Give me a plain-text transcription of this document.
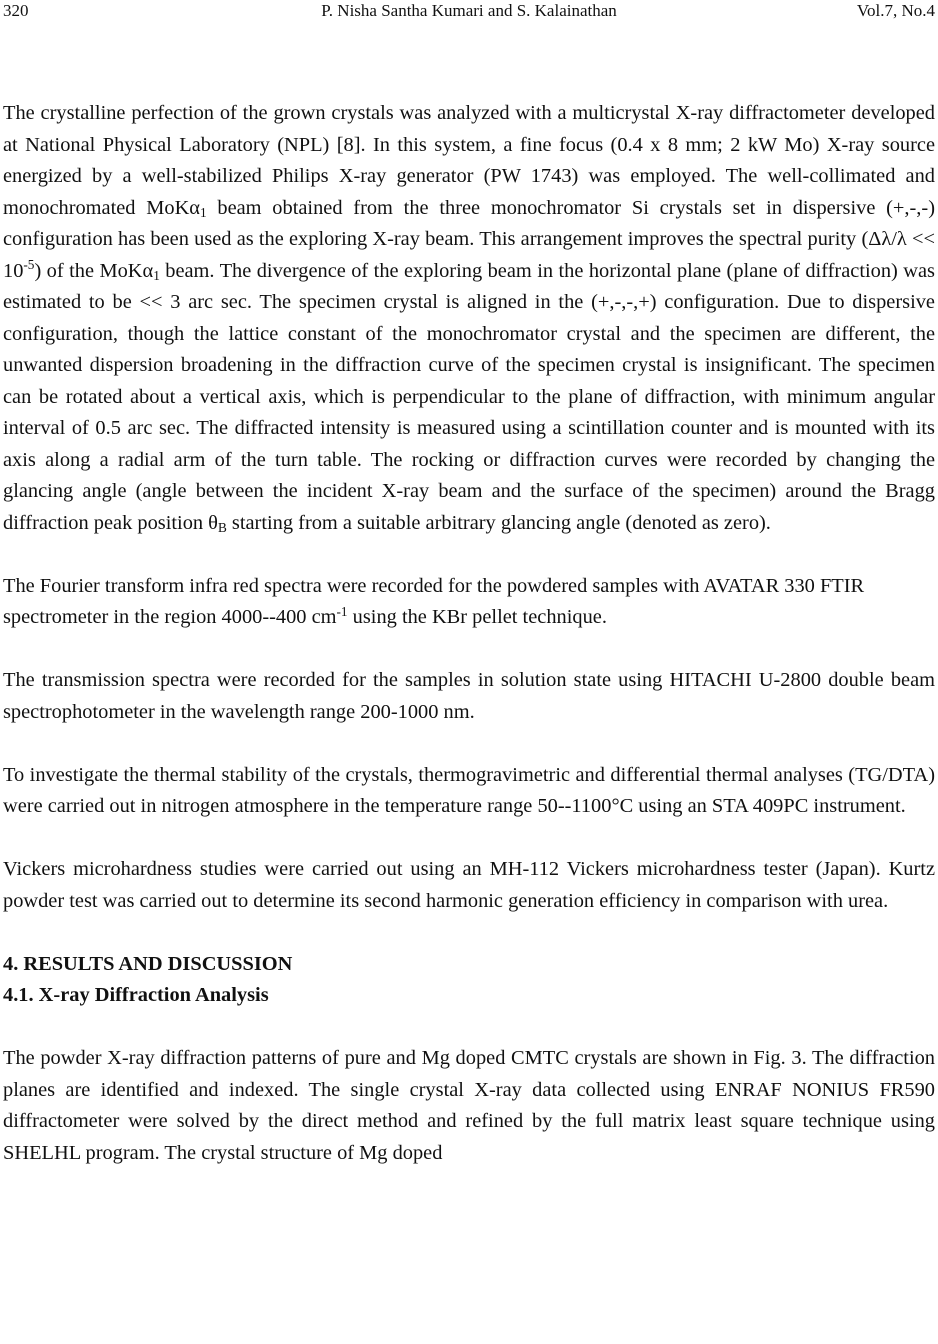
320	P. Nisha Santha Kumari and S. Kalainathan	Vol.7, No.4

The crystalline perfection of the grown crystals was analyzed with a multicrystal X-ray diffractometer developed at National Physical Laboratory (NPL) [8]. In this system, a fine focus (0.4 x 8 mm; 2 kW Mo) X-ray source energized by a well-stabilized Philips X-ray generator (PW 1743) was employed. The well-collimated and monochromated MoKα$_1$ beam obtained from the three monochromator Si crystals set in dispersive (+,-,-) configuration has been used as the exploring X-ray beam. This arrangement improves the spectral purity $(\Delta\lambda/\lambda << 10^{-5})$ of the MoKα$_1$ beam. The divergence of the exploring beam in the horizontal plane (plane of diffraction) was estimated to be << 3 arc sec. The specimen crystal is aligned in the (+,-,-,+) configuration. Due to dispersive configuration, though the lattice constant of the monochromator crystal and the specimen are different, the unwanted dispersion broadening in the diffraction curve of the specimen crystal is insignificant. The specimen can be rotated about a vertical axis, which is perpendicular to the plane of diffraction, with minimum angular interval of 0.5 arc sec. The diffracted intensity is measured using a scintillation counter and is mounted with its axis along a radial arm of the turn table. The rocking or diffraction curves were recorded by changing the glancing angle (angle between the incident X-ray beam and the surface of the specimen) around the Bragg diffraction peak position $\theta_B$ starting from a suitable arbitrary glancing angle (denoted as zero).

The Fourier transform infra red spectra were recorded for the powdered samples with AVATAR 330 FTIR spectrometer in the region 4000--400 $cm^{-1}$ using the KBr pellet technique.

The transmission spectra were recorded for the samples in solution state using HITACHI U-2800 double beam spectrophotometer in the wavelength range 200-1000 nm.

To investigate the thermal stability of the crystals, thermogravimetric and differential thermal analyses (TG/DTA) were carried out in nitrogen atmosphere in the temperature range 50--1100°C using an STA 409PC instrument.

Vickers microhardness studies were carried out using an MH-112 Vickers microhardness tester (Japan). Kurtz powder test was carried out to determine its second harmonic generation efficiency in comparison with urea.

4. RESULTS AND DISCUSSION
4.1. X-ray Diffraction Analysis

The powder X-ray diffraction patterns of pure and Mg doped CMTC crystals are shown in Fig. 3. The diffraction planes are identified and indexed. The single crystal X-ray data collected using ENRAF NONIUS FR590 diffractometer were solved by the direct method and refined by the full matrix least square technique using SHELHL program. The crystal structure of Mg doped
